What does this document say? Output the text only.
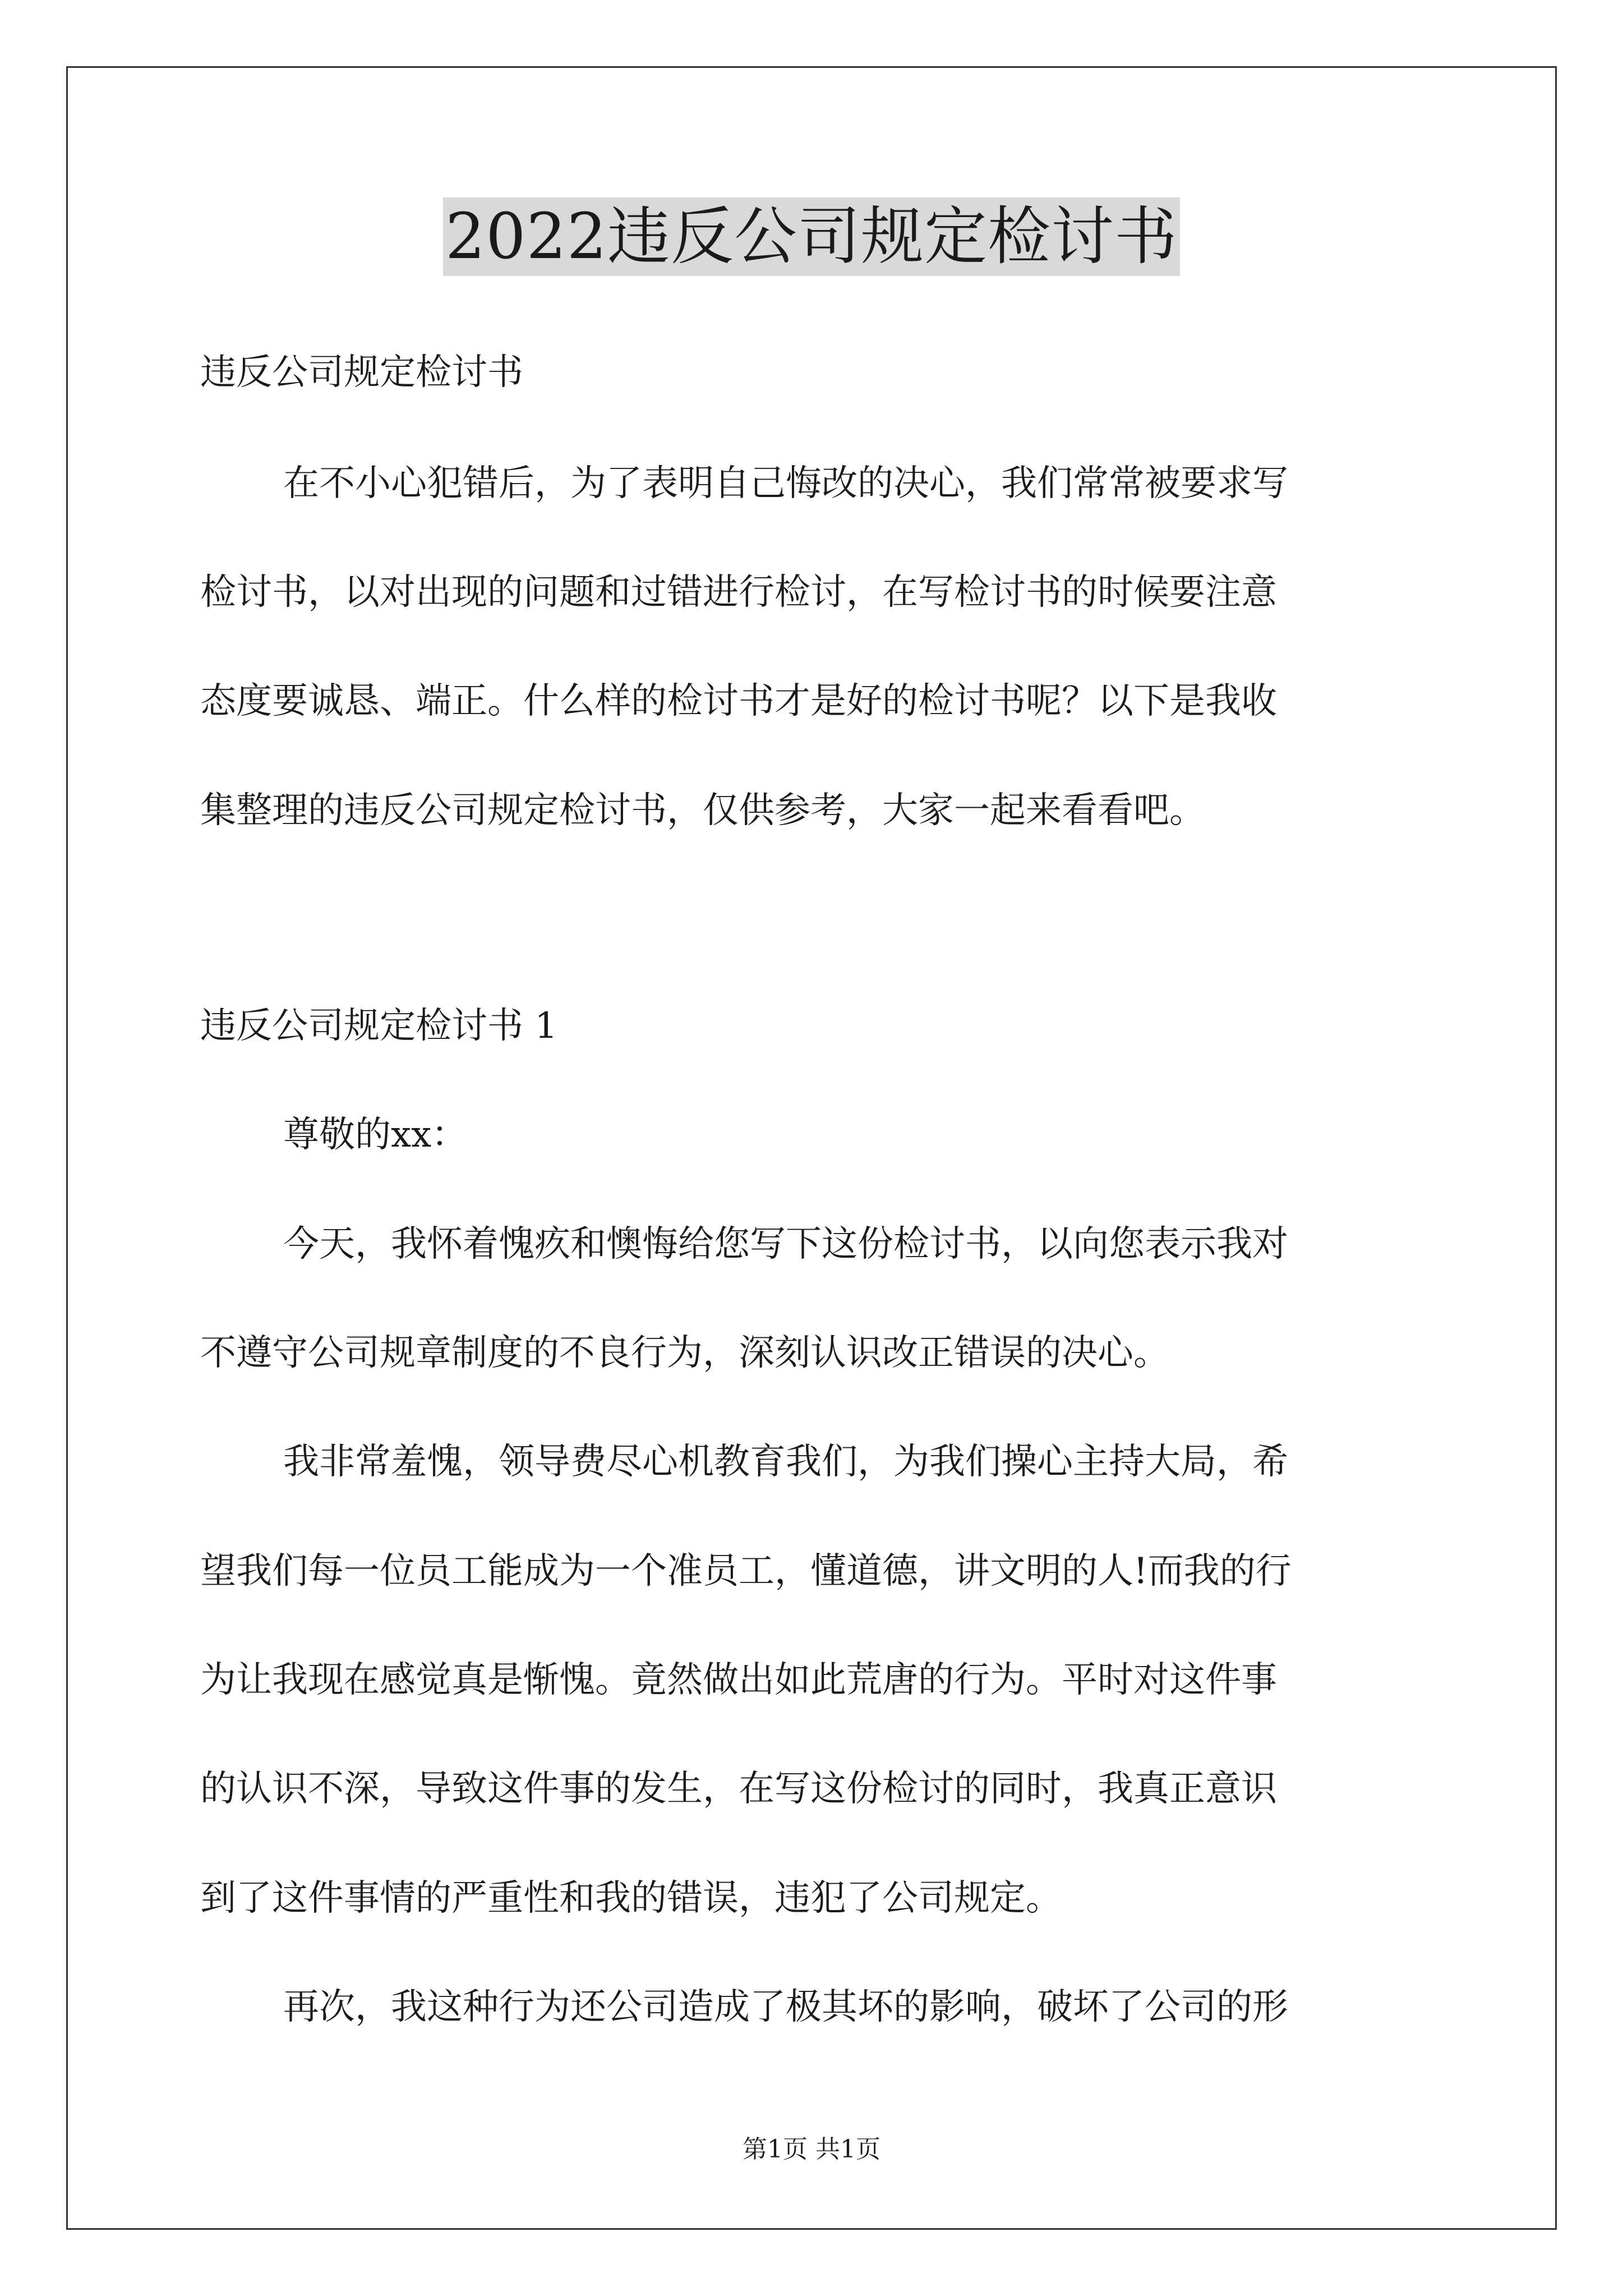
2022违反公司规定检讨书
违反公司规定检讨书
在不小心犯错后，为了表明自己悔改的决心，我们常常被要求写
检讨书，以对出现的问题和过错进行检讨，在写检讨书的时候要注意
态度要诚恳、端正。什么样的检讨书才是好的检讨书呢？以下是我收
集整理的违反公司规定检讨书，仅供参考，大家一起来看看吧。
违反公司规定检讨书 1
尊敬的xx：
今天，我怀着愧疚和懊悔给您写下这份检讨书，以向您表示我对
不遵守公司规章制度的不良行为，深刻认识改正错误的决心。
我非常羞愧，领导费尽心机教育我们，为我们操心主持大局，希
望我们每一位员工能成为一个准员工，懂道德，讲文明的人!而我的行
为让我现在感觉真是惭愧。竟然做出如此荒唐的行为。平时对这件事
的认识不深，导致这件事的发生，在写这份检讨的同时，我真正意识
到了这件事情的严重性和我的错误，违犯了公司规定。
再次，我这种行为还公司造成了极其坏的影响，破坏了公司的形
第1页 共1页
